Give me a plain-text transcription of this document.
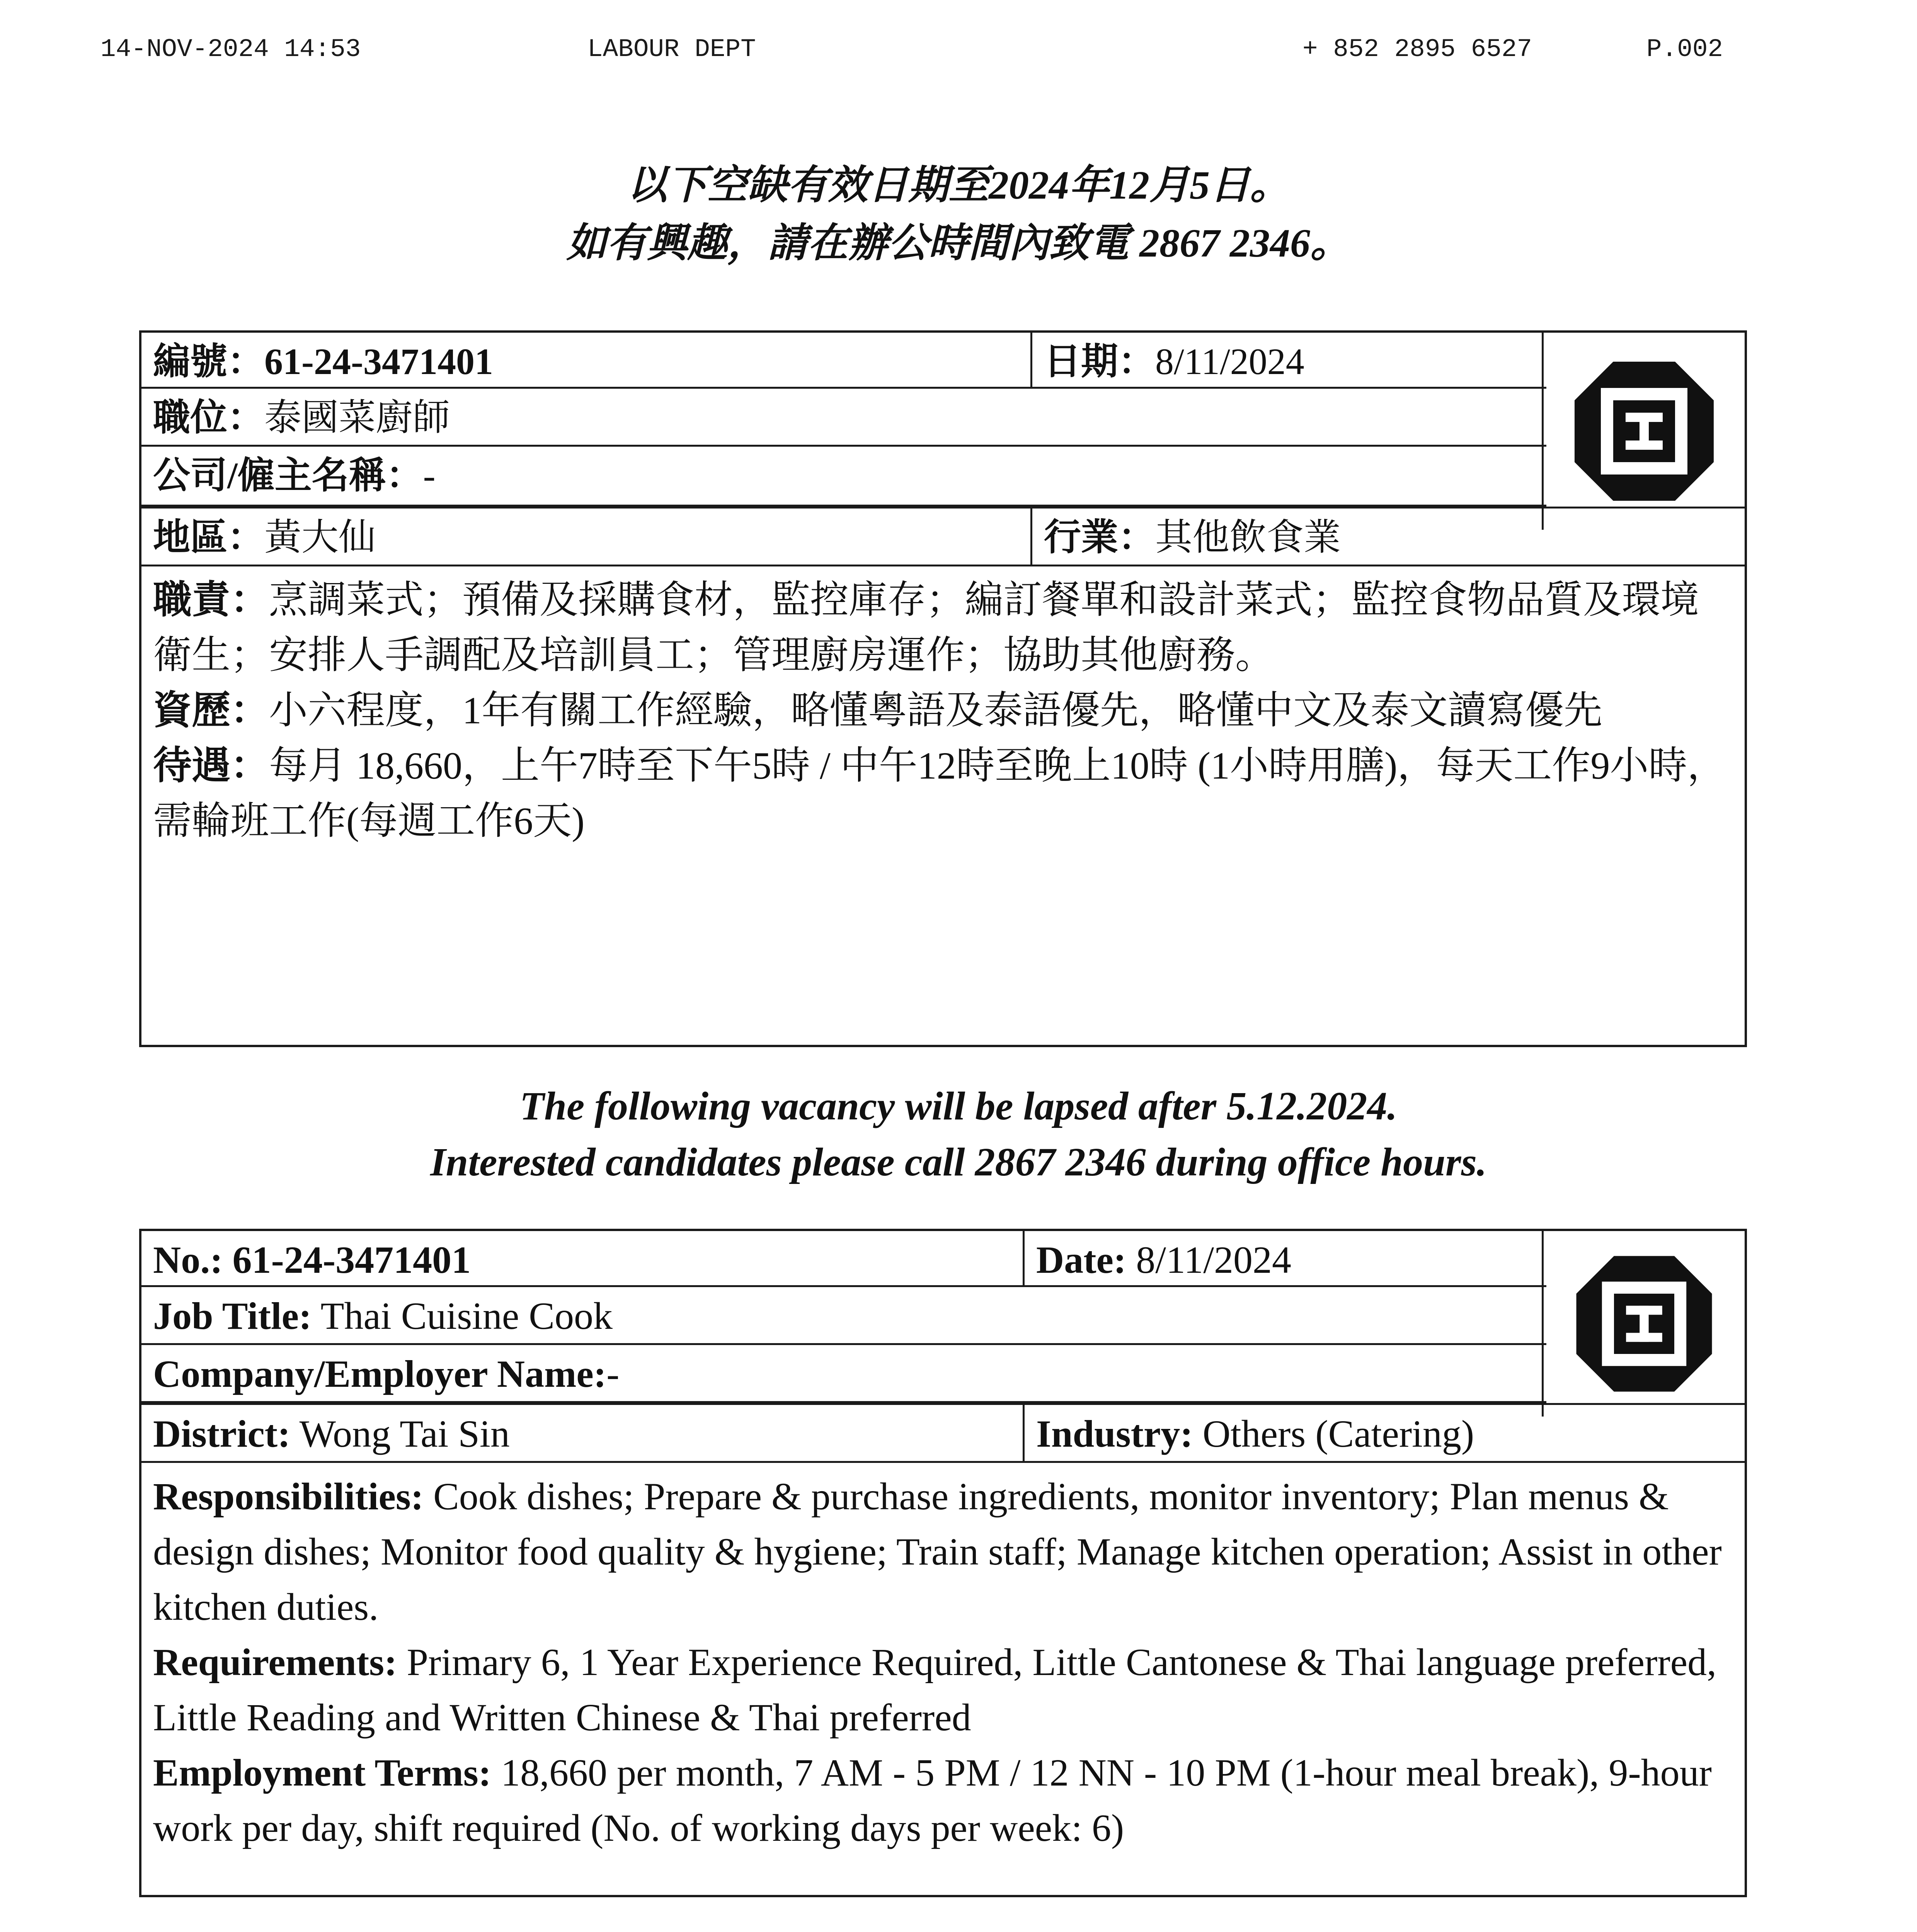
14-NOV-2024 14:53	LABOUR DEPT	+ 852 2895 6527	P.002
以下空缺有效日期至2024年12月5日。
如有興趣，請在辦公時間內致電 2867 2346。
編號：61-24-3471401	日期：8/11/2024
職位：泰國菜廚師
公司/僱主名稱：-
地區：黃大仙	行業：其他飲食業
職責：烹調菜式；預備及採購食材，監控庫存；編訂餐單和設計菜式；監控食物品質及環境衛生；安排人手調配及培訓員工；管理廚房運作；協助其他廚務。
資歷：小六程度，1年有關工作經驗，略懂粵語及泰語優先，略懂中文及泰文讀寫優先
待遇：每月 18,660，上午7時至下午5時 / 中午12時至晚上10時 (1小時用膳)，每天工作9小時，需輪班工作(每週工作6天)
The following vacancy will be lapsed after 5.12.2024.
Interested candidates please call 2867 2346 during office hours.
No.: 61-24-3471401	Date: 8/11/2024
Job Title: Thai Cuisine Cook
Company/Employer Name:-
District: Wong Tai Sin	Industry: Others (Catering)
Responsibilities: Cook dishes; Prepare & purchase ingredients, monitor inventory; Plan menus & design dishes; Monitor food quality & hygiene; Train staff; Manage kitchen operation; Assist in other kitchen duties.
Requirements: Primary 6, 1 Year Experience Required, Little Cantonese & Thai language preferred, Little Reading and Written Chinese & Thai preferred
Employment Terms: 18,660 per month, 7 AM - 5 PM / 12 NN - 10 PM (1-hour meal break), 9-hour work per day, shift required (No. of working days per week: 6)
